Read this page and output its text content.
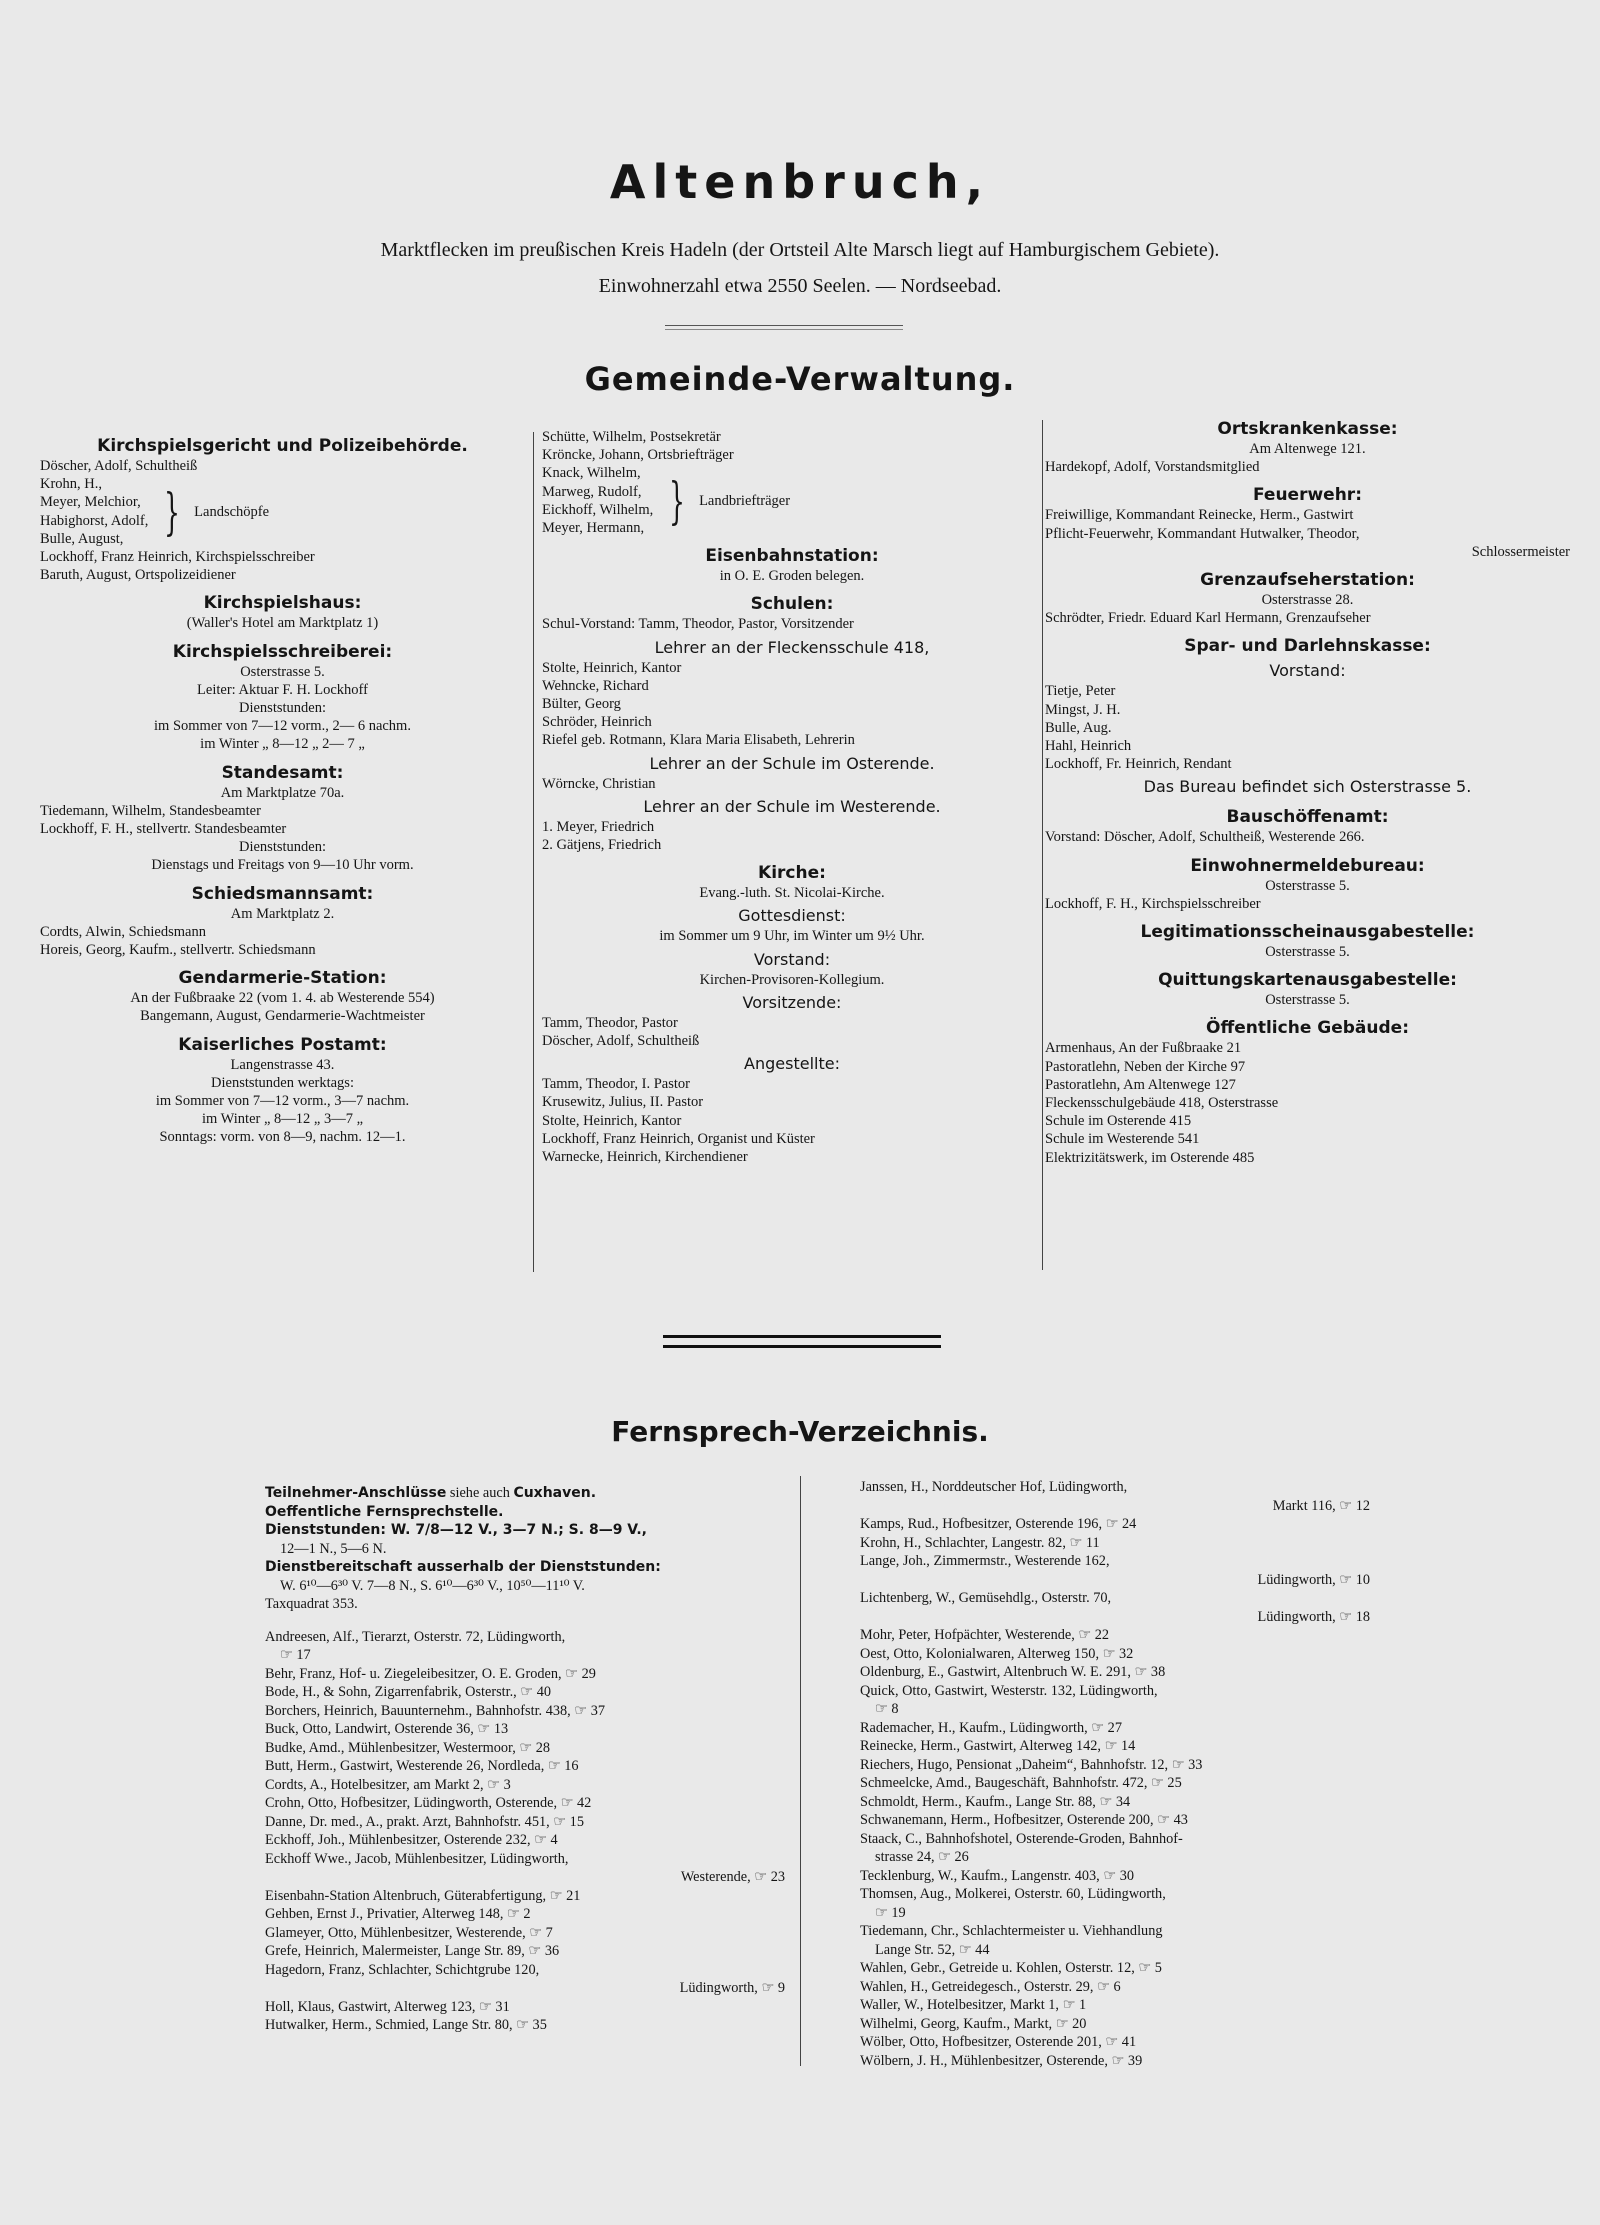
Altenbruch,
Marktflecken im preußischen Kreis Hadeln (der Ortsteil Alte Marsch liegt auf Hamburgischem Gebiete).
Einwohnerzahl etwa 2550 Seelen. — Nordseebad.
Gemeinde-Verwaltung.
Kirchspielsgericht und Polizeibehörde.
Döscher, Adolf, Schultheiß
Krohn, H.,
Meyer, Melchior,
Habighorst, Adolf,
Bulle, August, } Landschöpfe
Lockhoff, Franz Heinrich, Kirchspielsschreiber
Baruth, August, Ortspolizeidiener
Kirchspielshaus:
(Waller's Hotel am Marktplatz 1)
Kirchspielsschreiberei:
Osterstrasse 5.
Leiter: Aktuar F. H. Lockhoff
Dienststunden:
im Sommer von 7—12 vorm., 2— 6 nachm.
im Winter „ 8—12 „ 2— 7 „
Standesamt:
Am Marktplatze 70a.
Tiedemann, Wilhelm, Standesbeamter
Lockhoff, F. H., stellvertr. Standesbeamter
Dienststunden:
Dienstags und Freitags von 9—10 Uhr vorm.
Schiedsmannsamt:
Am Marktplatz 2.
Cordts, Alwin, Schiedsmann
Horeis, Georg, Kaufm., stellvertr. Schiedsmann
Gendarmerie-Station:
An der Fußbraake 22 (vom 1. 4. ab Westerende 554)
Bangemann, August, Gendarmerie-Wachtmeister
Kaiserliches Postamt:
Langenstrasse 43.
Dienststunden werktags:
im Sommer von 7—12 vorm., 3—7 nachm.
im Winter „ 8—12 „ 3—7 „
Sonntags: vorm. von 8—9, nachm. 12—1.
Schütte, Wilhelm, Postsekretär
Kröncke, Johann, Ortsbriefträger
Knack, Wilhelm,
Marweg, Rudolf,
Eickhoff, Wilhelm,
Meyer, Hermann, } Landbriefträger
Eisenbahnstation:
in O. E. Groden belegen.
Schulen:
Schul-Vorstand: Tamm, Theodor, Pastor, Vorsitzender
Lehrer an der Fleckensschule 418,
Stolte, Heinrich, Kantor
Wehncke, Richard
Bülter, Georg
Schröder, Heinrich
Riefel geb. Rotmann, Klara Maria Elisabeth, Lehrerin
Lehrer an der Schule im Osterende.
Wörncke, Christian
Lehrer an der Schule im Westerende.
1. Meyer, Friedrich
2. Gätjens, Friedrich
Kirche:
Evang.-luth. St. Nicolai-Kirche.
Gottesdienst:
im Sommer um 9 Uhr, im Winter um 9½ Uhr.
Vorstand:
Kirchen-Provisoren-Kollegium.
Vorsitzende:
Tamm, Theodor, Pastor
Döscher, Adolf, Schultheiß
Angestellte:
Tamm, Theodor, I. Pastor
Krusewitz, Julius, II. Pastor
Stolte, Heinrich, Kantor
Lockhoff, Franz Heinrich, Organist und Küster
Warnecke, Heinrich, Kirchendiener
Ortskrankenkasse:
Am Altenwege 121.
Hardekopf, Adolf, Vorstandsmitglied
Feuerwehr:
Freiwillige, Kommandant Reinecke, Herm., Gastwirt
Pflicht-Feuerwehr, Kommandant Hutwalker, Theodor,
Schlossermeister
Grenzaufseherstation:
Osterstrasse 28.
Schrödter, Friedr. Eduard Karl Hermann, Grenzaufseher
Spar- und Darlehnskasse:
Vorstand:
Tietje, Peter
Mingst, J. H.
Bulle, Aug.
Hahl, Heinrich
Lockhoff, Fr. Heinrich, Rendant
Das Bureau befindet sich Osterstrasse 5.
Bauschöffenamt:
Vorstand: Döscher, Adolf, Schultheiß, Westerende 266.
Einwohnermeldebureau:
Osterstrasse 5.
Lockhoff, F. H., Kirchspielsschreiber
Legitimationsscheinausgabestelle:
Osterstrasse 5.
Quittungskartenausgabestelle:
Osterstrasse 5.
Öffentliche Gebäude:
Armenhaus, An der Fußbraake 21
Pastoratlehn, Neben der Kirche 97
Pastoratlehn, Am Altenwege 127
Fleckensschulgebäude 418, Osterstrasse
Schule im Osterende 415
Schule im Westerende 541
Elektrizitätswerk, im Osterende 485
Fernsprech-Verzeichnis.
Teilnehmer-Anschlüsse siehe auch Cuxhaven.
Oeffentliche Fernsprechstelle.
Dienststunden: W. 7/8—12 V., 3—7 N.; S. 8—9 V.,
12—1 N., 5—6 N.
Dienstbereitschaft ausserhalb der Dienststunden:
W. 6¹⁰—6³⁰ V. 7—8 N., S. 6¹⁰—6³⁰ V., 10⁵⁰—11¹⁰ V.
Taxquadrat 353.
Andreesen, Alf., Tierarzt, Osterstr. 72, Lüdingworth,
☞ 17
Behr, Franz, Hof- u. Ziegeleibesitzer, O. E. Groden, ☞ 29
Bode, H., & Sohn, Zigarrenfabrik, Osterstr., ☞ 40
Borchers, Heinrich, Bauunternehm., Bahnhofstr. 438, ☞ 37
Buck, Otto, Landwirt, Osterende 36, ☞ 13
Budke, Amd., Mühlenbesitzer, Westermoor, ☞ 28
Butt, Herm., Gastwirt, Westerende 26, Nordleda, ☞ 16
Cordts, A., Hotelbesitzer, am Markt 2, ☞ 3
Crohn, Otto, Hofbesitzer, Lüdingworth, Osterende, ☞ 42
Danne, Dr. med., A., prakt. Arzt, Bahnhofstr. 451, ☞ 15
Eckhoff, Joh., Mühlenbesitzer, Osterende 232, ☞ 4
Eckhoff Wwe., Jacob, Mühlenbesitzer, Lüdingworth,
Westerende, ☞ 23
Eisenbahn-Station Altenbruch, Güterabfertigung, ☞ 21
Gehben, Ernst J., Privatier, Alterweg 148, ☞ 2
Glameyer, Otto, Mühlenbesitzer, Westerende, ☞ 7
Grefe, Heinrich, Malermeister, Lange Str. 89, ☞ 36
Hagedorn, Franz, Schlachter, Schichtgrube 120,
Lüdingworth, ☞ 9
Holl, Klaus, Gastwirt, Alterweg 123, ☞ 31
Hutwalker, Herm., Schmied, Lange Str. 80, ☞ 35
Janssen, H., Norddeutscher Hof, Lüdingworth,
Markt 116, ☞ 12
Kamps, Rud., Hofbesitzer, Osterende 196, ☞ 24
Krohn, H., Schlachter, Langestr. 82, ☞ 11
Lange, Joh., Zimmermstr., Westerende 162,
Lüdingworth, ☞ 10
Lichtenberg, W., Gemüsehdlg., Osterstr. 70,
Lüdingworth, ☞ 18
Mohr, Peter, Hofpächter, Westerende, ☞ 22
Oest, Otto, Kolonialwaren, Alterweg 150, ☞ 32
Oldenburg, E., Gastwirt, Altenbruch W. E. 291, ☞ 38
Quick, Otto, Gastwirt, Westerstr. 132, Lüdingworth,
☞ 8
Rademacher, H., Kaufm., Lüdingworth, ☞ 27
Reinecke, Herm., Gastwirt, Alterweg 142, ☞ 14
Riechers, Hugo, Pensionat „Daheim“, Bahnhofstr. 12, ☞ 33
Schmeelcke, Amd., Baugeschäft, Bahnhofstr. 472, ☞ 25
Schmoldt, Herm., Kaufm., Lange Str. 88, ☞ 34
Schwanemann, Herm., Hofbesitzer, Osterende 200, ☞ 43
Staack, C., Bahnhofshotel, Osterende-Groden, Bahnhof-
strasse 24, ☞ 26
Tecklenburg, W., Kaufm., Langenstr. 403, ☞ 30
Thomsen, Aug., Molkerei, Osterstr. 60, Lüdingworth,
☞ 19
Tiedemann, Chr., Schlachtermeister u. Viehhandlung
Lange Str. 52, ☞ 44
Wahlen, Gebr., Getreide u. Kohlen, Osterstr. 12, ☞ 5
Wahlen, H., Getreidegesch., Osterstr. 29, ☞ 6
Waller, W., Hotelbesitzer, Markt 1, ☞ 1
Wilhelmi, Georg, Kaufm., Markt, ☞ 20
Wölber, Otto, Hofbesitzer, Osterende 201, ☞ 41
Wölbern, J. H., Mühlenbesitzer, Osterende, ☞ 39
